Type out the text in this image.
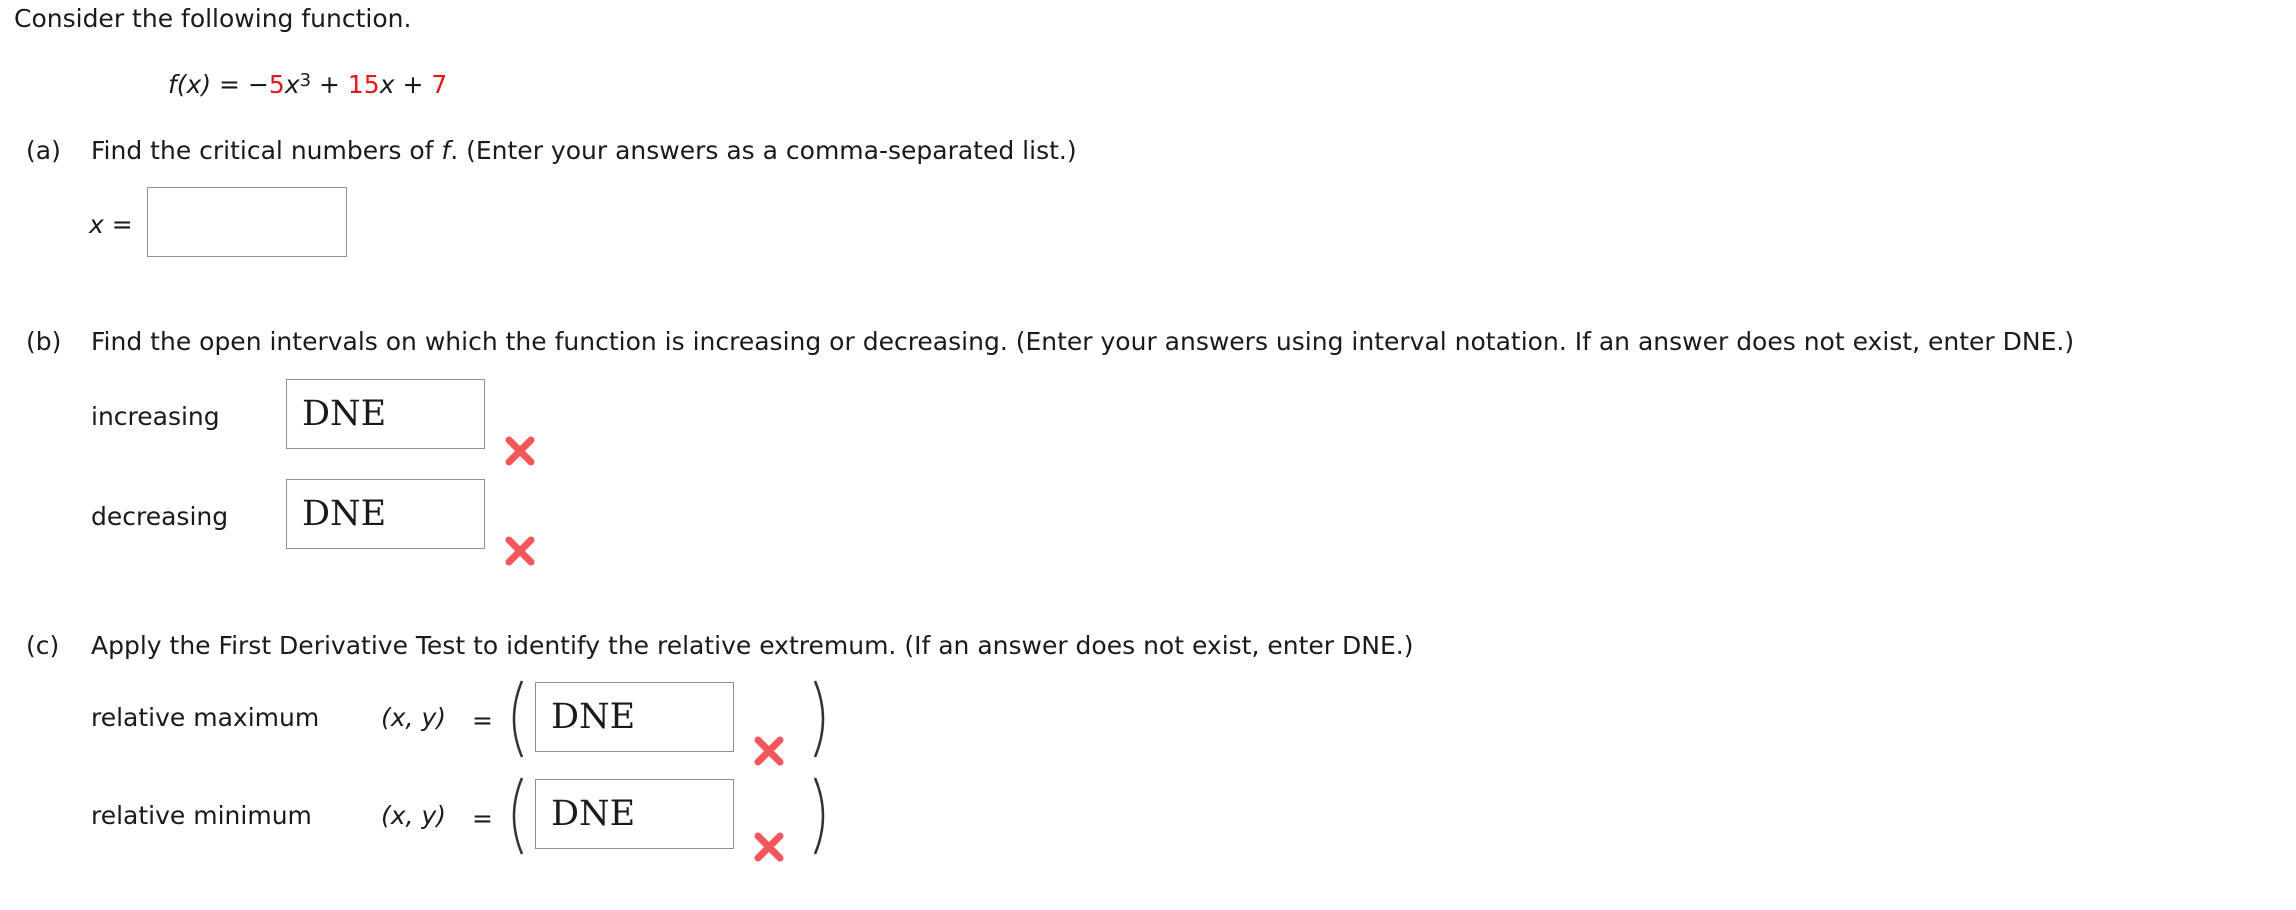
Consider the following function.
$f(x) = -5x^3 + 15x + 7$
(a) Find the critical numbers of f. (Enter your answers as a comma-separated list.)
x =
(b) Find the open intervals on which the function is increasing or decreasing. (Enter your answers using interval notation. If an answer does not exist, enter DNE.)
increasing
DNE
decreasing
DNE
(c) Apply the First Derivative Test to identify the relative extremum. (If an answer does not exist, enter DNE.)
relative maximum (x, y) =
DNE
relative minimum	(x, y) =
DNE
